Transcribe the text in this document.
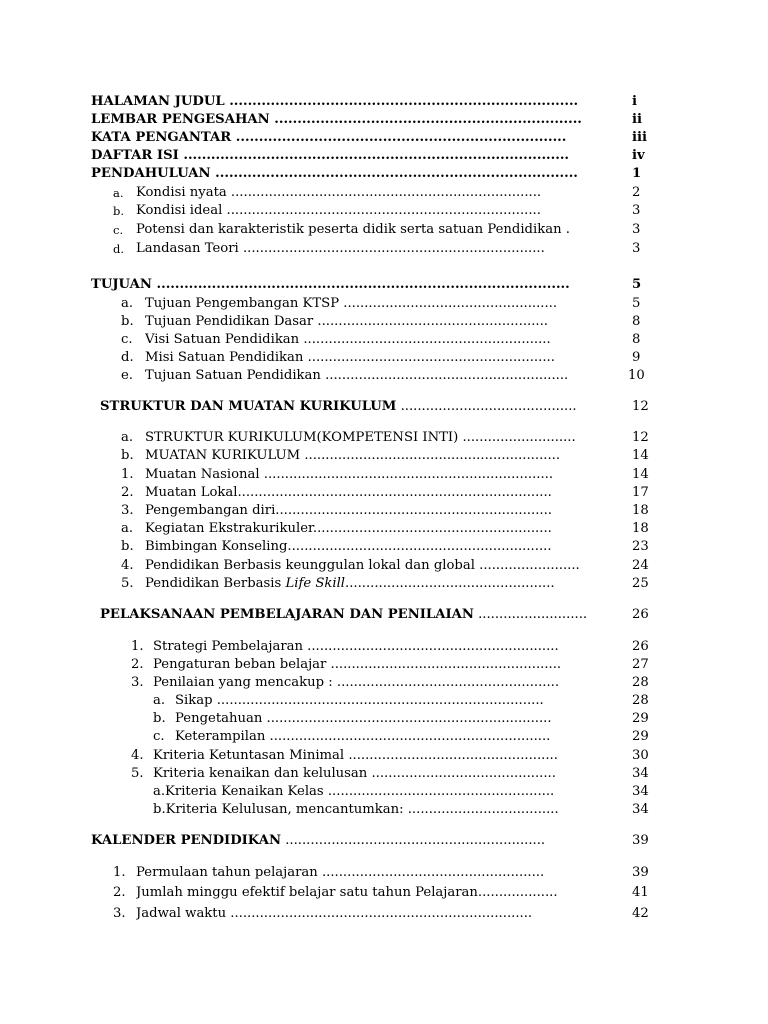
HALAMAN JUDUL ............................................................................	i
LEMBAR PENGESAHAN ...................................................................	ii
KATA PENGANTAR ........................................................................	iii
DAFTAR ISI ....................................................................................	iv
PENDAHULUAN ...............................................................................	1
a. Kondisi nyata ..........................................................................	2
b. Kondisi ideal ...........................................................................	3
c. Potensi dan karakteristik peserta didik serta satuan Pendidikan .	3
d. Landasan Teori ........................................................................	3
TUJUAN ..........................................................................................	5
a. Tujuan Pengembangan KTSP ...................................................	5
b. Tujuan Pendidikan Dasar .......................................................	8
c. Visi Satuan Pendidikan ...........................................................	8
d. Misi Satuan Pendidikan ...........................................................	9
e. Tujuan Satuan Pendidikan ..........................................................	10
STRUKTUR DAN MUATAN KURIKULUM ..........................................	12
a. STRUKTUR KURIKULUM(KOMPETENSI INTI) ...........................	12
b. MUATAN KURIKULUM .............................................................	14
1. Muatan Nasional .....................................................................	14
2. Muatan Lokal...........................................................................	17
3. Pengembangan diri..................................................................	18
a. Kegiatan Ekstrakurikuler.........................................................	18
b. Bimbingan Konseling...............................................................	23
4. Pendidikan Berbasis keunggulan lokal dan global ........................	24
5. Pendidikan Berbasis Life Skill..................................................	25
PELAKSANAAN PEMBELAJARAN DAN PENILAIAN ..........................	26
1. Strategi Pembelajaran ............................................................	26
2. Pengaturan beban belajar .......................................................	27
3. Penilaian yang mencakup : .....................................................	28
a. Sikap ..............................................................................	28
b. Pengetahuan ....................................................................	29
c. Keterampilan ...................................................................	29
4. Kriteria Ketuntasan Minimal ..................................................	30
5. Kriteria kenaikan dan kelulusan ............................................	34
a.Kriteria Kenaikan Kelas ......................................................	34
b.Kriteria Kelulusan, mencantumkan: ....................................	34
KALENDER PENDIDIKAN ..............................................................	39
1. Permulaan tahun pelajaran .....................................................	39
2. Jumlah minggu efektif belajar satu tahun Pelajaran...................	41
3. Jadwal waktu ........................................................................	42
